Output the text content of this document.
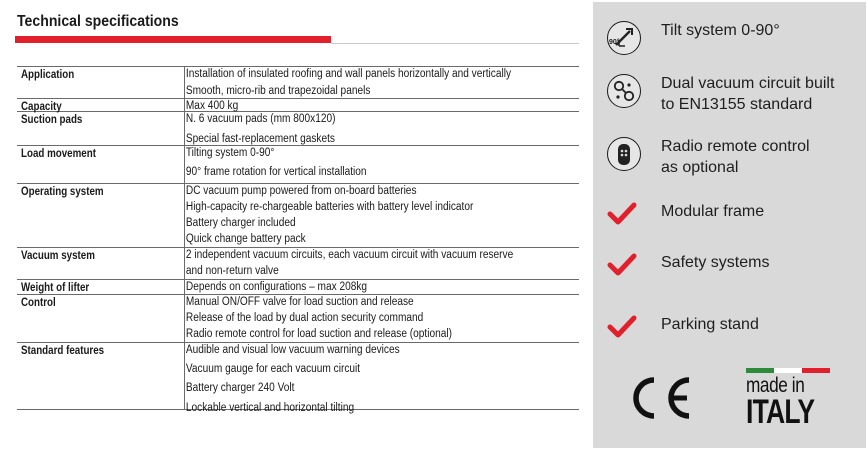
Technical specifications
Application	Installation of insulated roofing and wall panels horizontally and vertically
Smooth, micro-rib and trapezoidal panels
Capacity	Max 400 kg
Suction pads	N. 6 vacuum pads (mm 800x120)
Special fast-replacement gaskets
Load movement	Tilting system 0-90°
90° frame rotation for vertical installation
Operating system	DC vacuum pump powered from on-board batteries
High-capacity re-chargeable batteries with battery level indicator
Battery charger included
Quick change battery pack
Vacuum system	2 independent vacuum circuits, each vacuum circuit with vacuum reserve
and non-return valve
Weight of lifter	Depends on configurations – max 208kg
Control	Manual ON/OFF valve for load suction and release
Release of the load by dual action security command
Radio remote control for load suction and release (optional)
Standard features	Audible and visual low vacuum warning devices
Vacuum gauge for each vacuum circuit
Battery charger 240 Volt
Lockable vertical and horizontal tilting
made in
ITALY
90°
Tilt system 0-90°
Dual vacuum circuit built
to EN13155 standard
Radio remote control
as optional
Modular frame
Safety systems
Parking stand
